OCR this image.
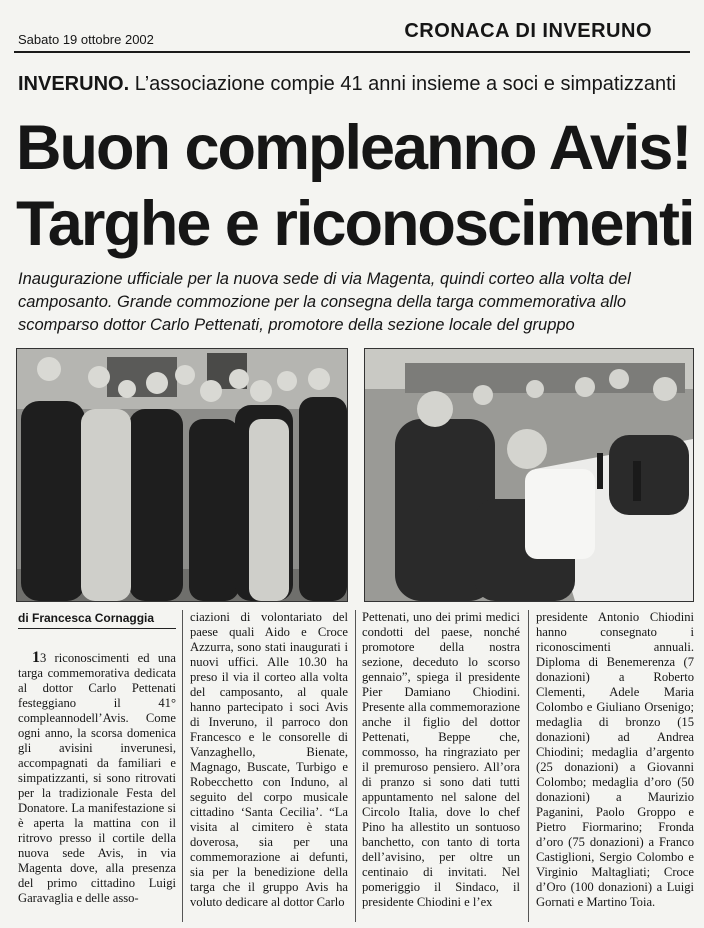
Sabato 19 ottobre 2002	CRONACA DI INVERUNO
INVERUNO. L’associazione compie 41 anni insieme a soci e simpatizzanti
Buon compleanno Avis!
Targhe e riconoscimenti
Inaugurazione ufficiale per la nuova sede di via Magenta, quindi corteo alla volta del camposanto. Grande commozione per la consegna della targa commemorativa allo scomparso dottor Carlo Pettenati, promotore della sezione locale del gruppo
di Francesca Cornaggia

13 riconoscimenti ed una targa commemorativa dedicata al dottor Carlo Pettenati festeggiano il 41° compleannodell’Avis. Come ogni anno, la scorsa domenica gli avisini inverunesi, accompagnati da familiari e simpatizzanti, si sono ritrovati per la tradizionale Festa del Donatore. La manifestazione si è aperta la mattina con il ritrovo presso il cortile della nuova sede Avis, in via Magenta dove, alla presenza del primo cittadino Luigi Garavaglia e delle asso-

ciazioni di volontariato del paese quali Aido e Croce Azzurra, sono stati inaugurati i nuovi uffici. Alle 10.30 ha preso il via il corteo alla volta del camposanto, al quale hanno partecipato i soci Avis di Inveruno, il parroco don Francesco e le consorelle di Vanzaghello, Bienate, Magnago, Buscate, Turbigo e Robecchetto con Induno, al seguito del corpo musicale cittadino ‘Santa Cecilia’. “La visita al cimitero è stata doverosa, sia per una commemorazione ai defunti, sia per la benedizione della targa che il gruppo Avis ha voluto dedicare al dottor Carlo

Pettenati, uno dei primi medici condotti del paese, nonché promotore della nostra sezione, deceduto lo scorso gennaio”, spiega il presidente Pier Damiano Chiodini. Presente alla commemorazione anche il figlio del dottor Pettenati, Beppe che, commosso, ha ringraziato per il premuroso pensiero. All’ora di pranzo si sono dati tutti appuntamento nel salone del Circolo Italia, dove lo chef Pino ha allestito un sontuoso banchetto, con tanto di torta dell’avisino, per oltre un centinaio di invitati. Nel pomeriggio il Sindaco, il presidente Chiodini e l’ex

presidente Antonio Chiodini hanno consegnato i riconoscimenti annuali. Diploma di Benemerenza (7 donazioni) a Roberto Clementi, Adele Maria Colombo e Giuliano Orsenigo; medaglia di bronzo (15 donazioni) ad Andrea Chiodini; medaglia d’argento (25 donazioni) a Giovanni Colombo; medaglia d’oro (50 donazioni) a Maurizio Paganini, Paolo Groppo e Pietro Fiormarino; Fronda d’oro (75 donazioni) a Franco Castiglioni, Sergio Colombo e Virginio Maltagliati; Croce d’Oro (100 donazioni) a Luigi Gornati e Martino Toia.
